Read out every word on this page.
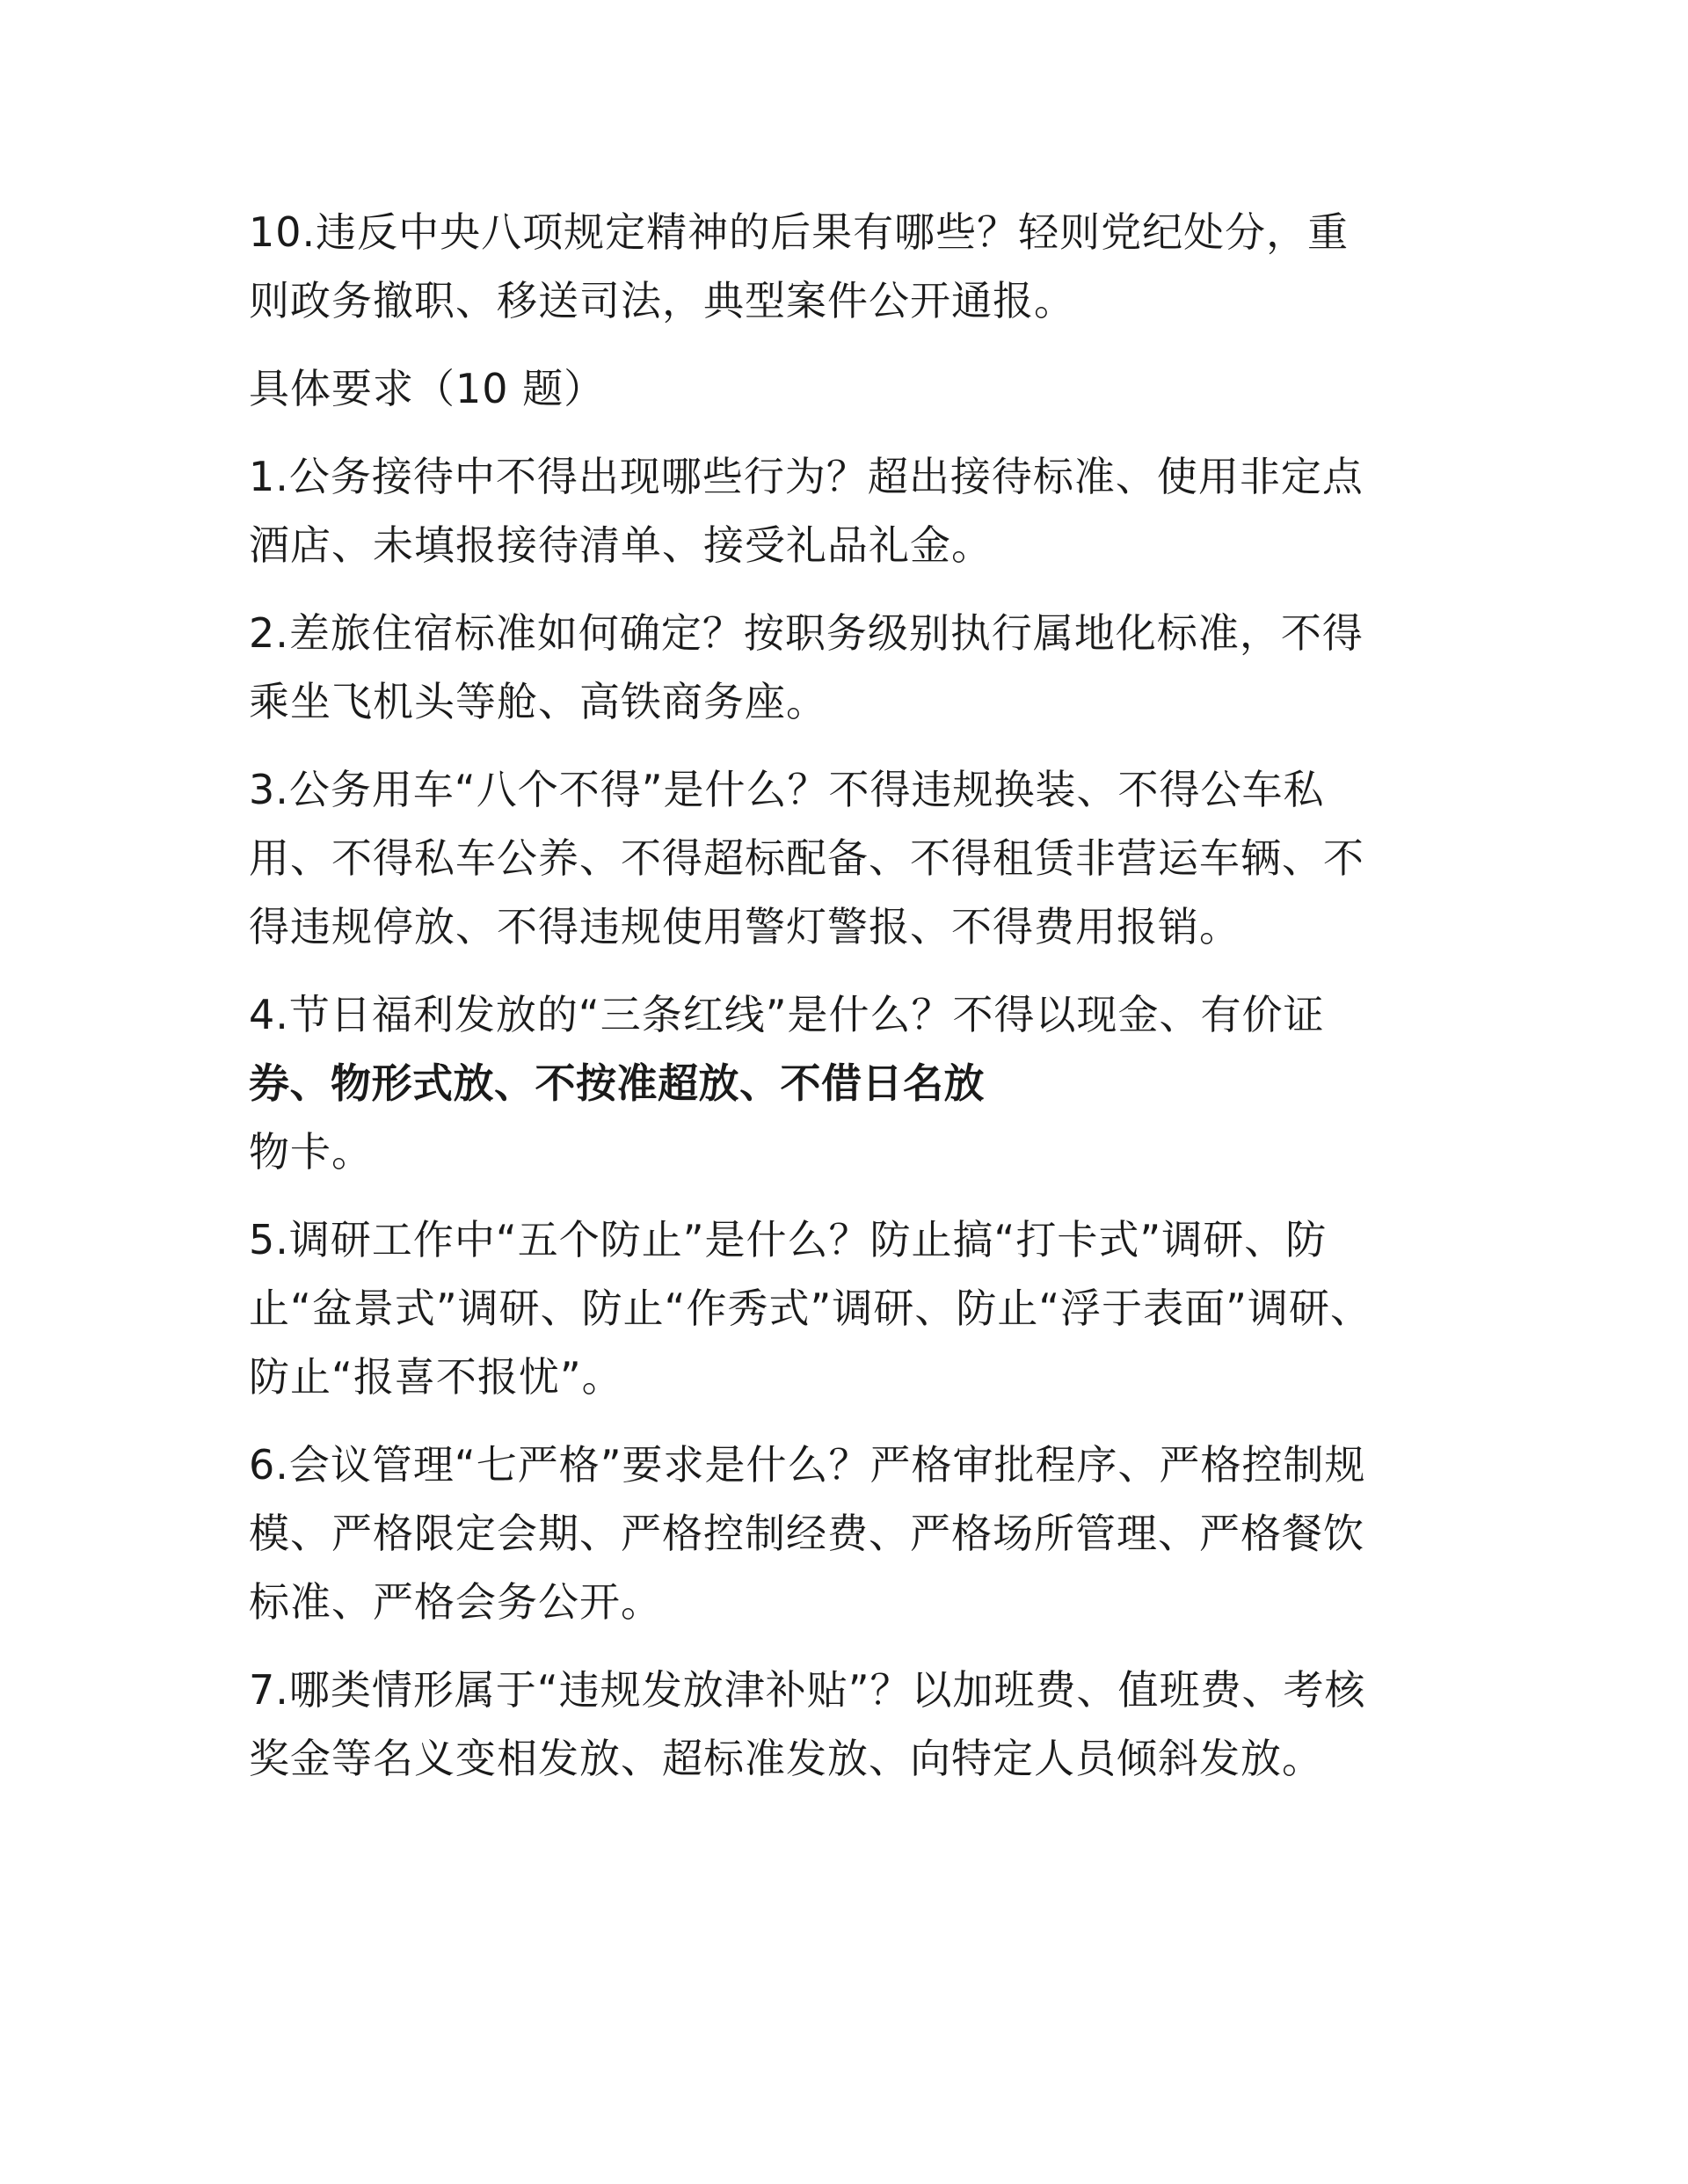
10.违反中央八项规定精神的后果有哪些？轻则党纪处分，重
则政务撤职、移送司法，典型案件公开通报。

具体要求（10 题）

1.公务接待中不得出现哪些行为？超出接待标准、使用非定点
酒店、未填报接待清单、接受礼品礼金。

2.差旅住宿标准如何确定？按职务级别执行属地化标准，不得
乘坐飞机头等舱、高铁商务座。

3.公务用车“八个不得”是什么？不得违规换装、不得公车私
用、不得私车公养、不得超标配备、不得租赁非营运车辆、不
得违规停放、不得违规使用警灯警报、不得费用报销。

4.节日福利发放的“三条红线”是什么？不得以现金、有价证
券、物形式放、不按准超放、不借日名放
物卡。

5.调研工作中“五个防止”是什么？防止搞“打卡式”调研、防
止“盆景式”调研、防止“作秀式”调研、防止“浮于表面”调研、
防止“报喜不报忧”。

6.会议管理“七严格”要求是什么？严格审批程序、严格控制规
模、严格限定会期、严格控制经费、严格场所管理、严格餐饮
标准、严格会务公开。

7.哪类情形属于“违规发放津补贴”？以加班费、值班费、考核
奖金等名义变相发放、超标准发放、向特定人员倾斜发放。
